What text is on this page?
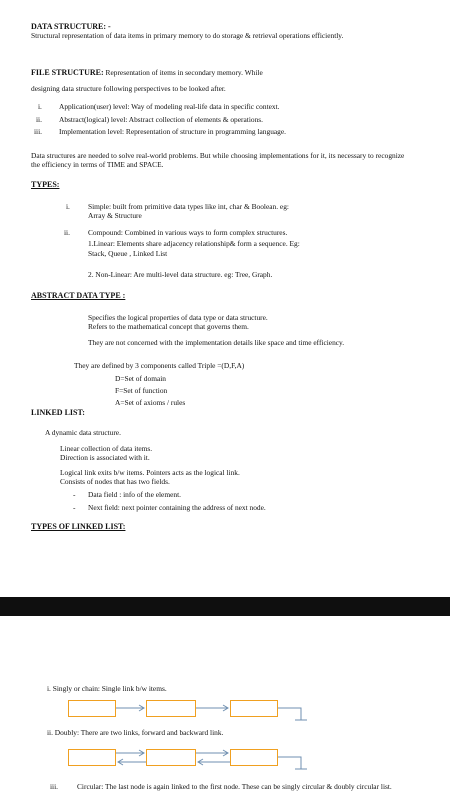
DATA STRUCTURE: -
Structural representation of data items in primary memory to do storage & retrieval operations efficiently.
FILE STRUCTURE: Representation of items in secondary memory. While
designing data structure following perspectives to be looked after.
i. Application(user) level: Way of modeling real-life data in specific context.
ii. Abstract(logical) level: Abstract collection of elements & operations.
iii. Implementation level: Representation of structure in programming language.
Data structures are needed to solve real-world problems. But while choosing implementations for it, its necessary to recognize the efficiency in terms of TIME and SPACE.
TYPES:
i. Simple: built from primitive data types like int, char & Boolean. eg:
Array & Structure
ii. Compound: Combined in various ways to form complex structures.
1.Linear: Elements share adjacency relationship& form a sequence. Eg:
Stack, Queue , Linked List
2. Non-Linear: Are multi-level data structure. eg: Tree, Graph.
ABSTRACT DATA TYPE :
Specifies the logical properties of data type or data structure.
Refers to the mathematical concept that governs them.
They are not concerned with the implementation details like space and time efficiency.
They are defined by 3 components called Triple =(D,F,A)
D=Set of domain
F=Set of function
A=Set of axioms / rules
LINKED LIST:
A dynamic data structure.
Linear collection of data items.
Direction is associated with it.
Logical link exits b/w items. Pointers acts as the logical link.
Consists of nodes that has two fields.
- Data field : info of the element.
- Next field: next pointer containing the address of next node.
TYPES OF LINKED LIST:
i. Singly or chain: Single link b/w items.
ii. Doubly: There are two links, forward and backward link.
iii.	Circular: The last node is again linked to the first node. These can be singly circular & doubly circular list.
